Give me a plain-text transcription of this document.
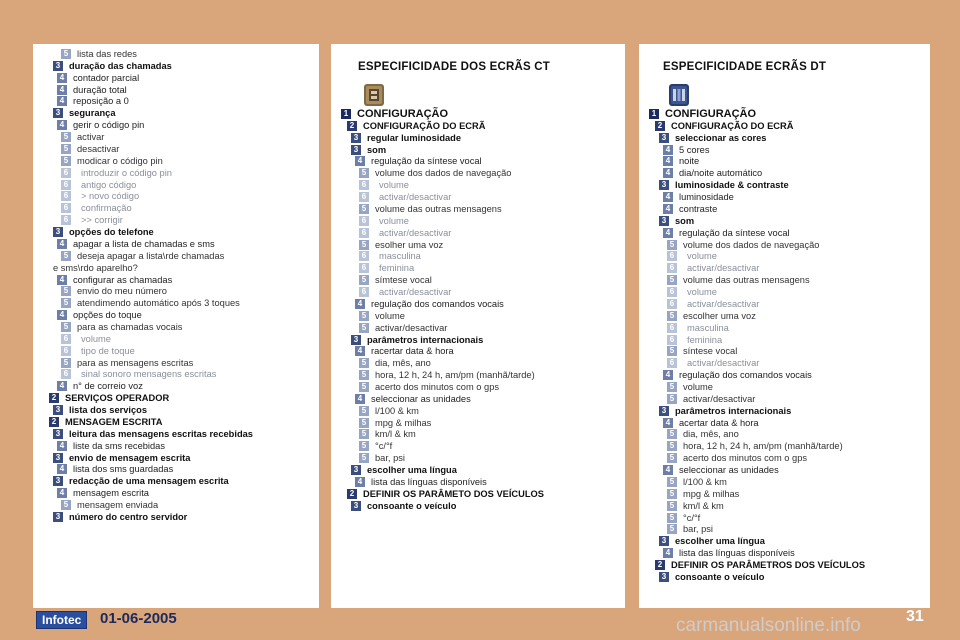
5 lista das redes
3 duração das chamadas
4 contador parcial
4 duração total
4 reposição a 0
3 segurança
4 gerir o código pin
5 activar
5 desactivar
5 modicar o código pin
6 introduzir o código pin
6 antigo código
6 > novo código
6 confirmação
6 >> corrigir
3 opções do telefone
4 apagar a lista de chamadas e sms
5 deseja apagar a lista\rde chamadas
e sms\rdo aparelho?
4 configurar as chamadas
5 envio do meu número
5 atendimendo automático após 3 toques
4 opções do toque
5 para as chamadas vocais
6 volume
6 tipo de toque
5 para as mensagens escritas
6 sinal sonoro mensagens escritas
4 n° de correio voz
2 SERVIÇOS OPERADOR
3 lista dos serviços
2 MENSAGEM ESCRITA
3 leitura das mensagens escritas recebidas
4 liste da sms recebidas
3 envio de mensagem escrita
4 lista dos sms guardadas
3 redacção de uma mensagem escrita
4 mensagem escrita
5 mensagem enviada
3 número do centro servidor
ESPECIFICIDADE DOS ECRÃS CT
1 CONFIGURAÇÃO
2 CONFIGURAÇÃO DO ECRÃ
3 regular luminosidade
3 som
4 regulação da síntese vocal
5 volume dos dados de navegação
6 volume
6 activar/desactivar
5 volume das outras mensagens
6 volume
6 activar/desactivar
5 esolher uma voz
6 masculina
6 feminina
5 símtese vocal
6 activar/desactivar
4 regulação dos comandos vocais
5 volume
5 activar/desactivar
3 parâmetros internacionais
4 racertar data & hora
5 dia, mês, ano
5 hora, 12 h, 24 h, am/pm (manhã/tarde)
5 acerto dos minutos com o gps
4 seleccionar as unidades
5 l/100 & km
5 mpg & milhas
5 km/l & km
5 °c/°f
5 bar, psi
3 escolher uma língua
4 lista das línguas disponíveis
2 DEFINIR OS PARÂMETO DOS VEÍCULOS
3 consoante o veículo
ESPECIFICIDADE ECRÃS DT
1 CONFIGURAÇÃO
2 CONFIGURAÇÃO DO ECRÃ
3 seleccionar as cores
4 5 cores
4 noite
4 dia/noite automático
3 luminosidade & contraste
4 luminosidade
4 contraste
3 som
4 regulação da síntese vocal
5 volume dos dados de navegação
6 volume
6 activar/desactivar
5 volume das outras mensagens
6 volume
6 activar/desactivar
5 escolher uma voz
6 masculina
6 feminina
5 síntese vocal
6 activar/desactivar
4 regulação dos comandos vocais
5 volume
5 activar/desactivar
3 parâmetros internacionais
4 acertar data & hora
5 dia, mês, ano
5 hora, 12 h, 24 h, am/pm (manhã/tarde)
5 acerto dos minutos com o gps
4 seleccionar as unidades
5 l/100 & km
5 mpg & milhas
5 km/l & km
5 °c/°f
5 bar, psi
3 escolher uma língua
4 lista das línguas disponíveis
2 DEFINIR OS PARÂMETROS DOS VEÍCULOS
3 consoante o veículo
Infotec	01-06-2005	carmanualsonline.info	31
